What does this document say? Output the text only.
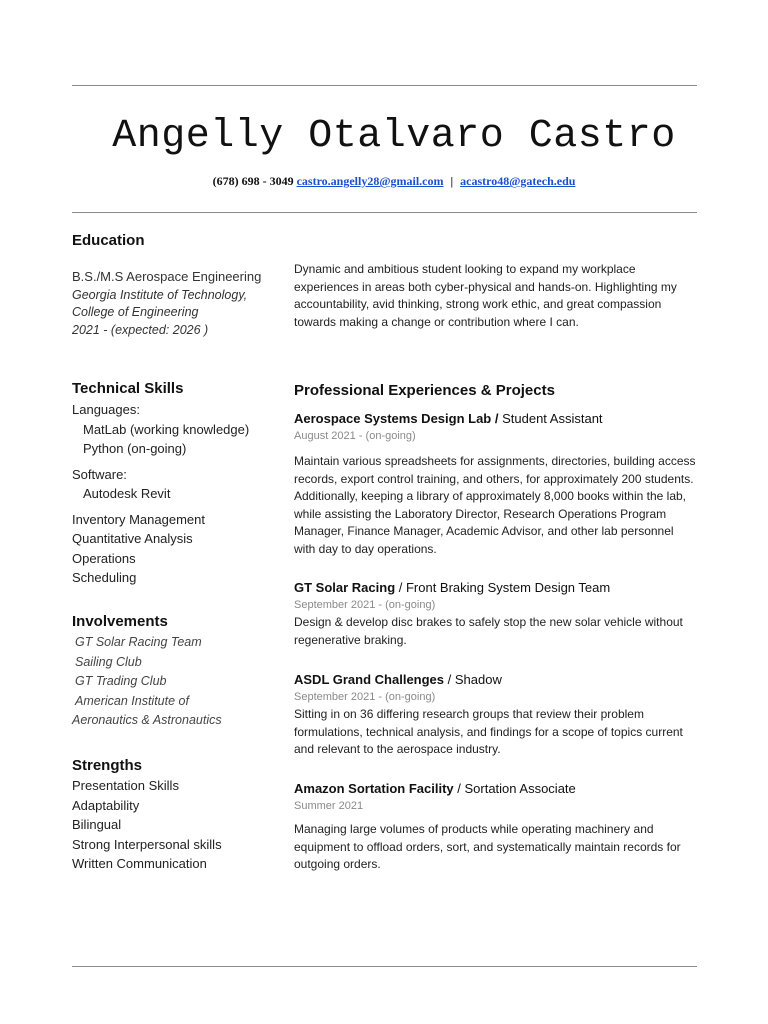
Angelly Otalvaro Castro
(678) 698 - 3049 castro.angelly28@gmail.com | acastro48@gatech.edu
Education
B.S./M.S Aerospace Engineering
Georgia Institute of Technology,
College of Engineering
2021 - (expected: 2026 )
Technical Skills
Languages:
MatLab (working knowledge)
Python (on-going)
Software:
Autodesk Revit
Inventory Management
Quantitative Analysis
Operations
Scheduling
Involvements
GT Solar Racing Team
Sailing Club
GT Trading Club
American Institute of
Aeronautics & Astronautics
Strengths
Presentation Skills
Adaptability
Bilingual
Strong Interpersonal skills
Written Communication
Dynamic and ambitious student looking to expand my workplace experiences in areas both cyber-physical and hands-on. Highlighting my accountability, avid thinking, strong work ethic, and great compassion towards making a change or contribution where I can.
Professional Experiences & Projects
Aerospace Systems Design Lab / Student Assistant
August 2021 - (on-going)
Maintain various spreadsheets for assignments, directories, building access records, export control training, and others, for approximately 200 students. Additionally, keeping a library of approximately 8,000 books within the lab, while assisting the Laboratory Director, Research Operations Program Manager, Finance Manager, Academic Advisor, and other lab personnel with day to day operations.
GT Solar Racing / Front Braking System Design Team
September 2021 - (on-going)
Design & develop disc brakes to safely stop the new solar vehicle without regenerative braking.
ASDL Grand Challenges / Shadow
September 2021 - (on-going)
Sitting in on 36 differing research groups that review their problem formulations, technical analysis, and findings for a scope of topics current and relevant to the aerospace industry.
Amazon Sortation Facility / Sortation Associate
Summer 2021
Managing large volumes of products while operating machinery and equipment to offload orders, sort, and systematically maintain records for outgoing orders.
